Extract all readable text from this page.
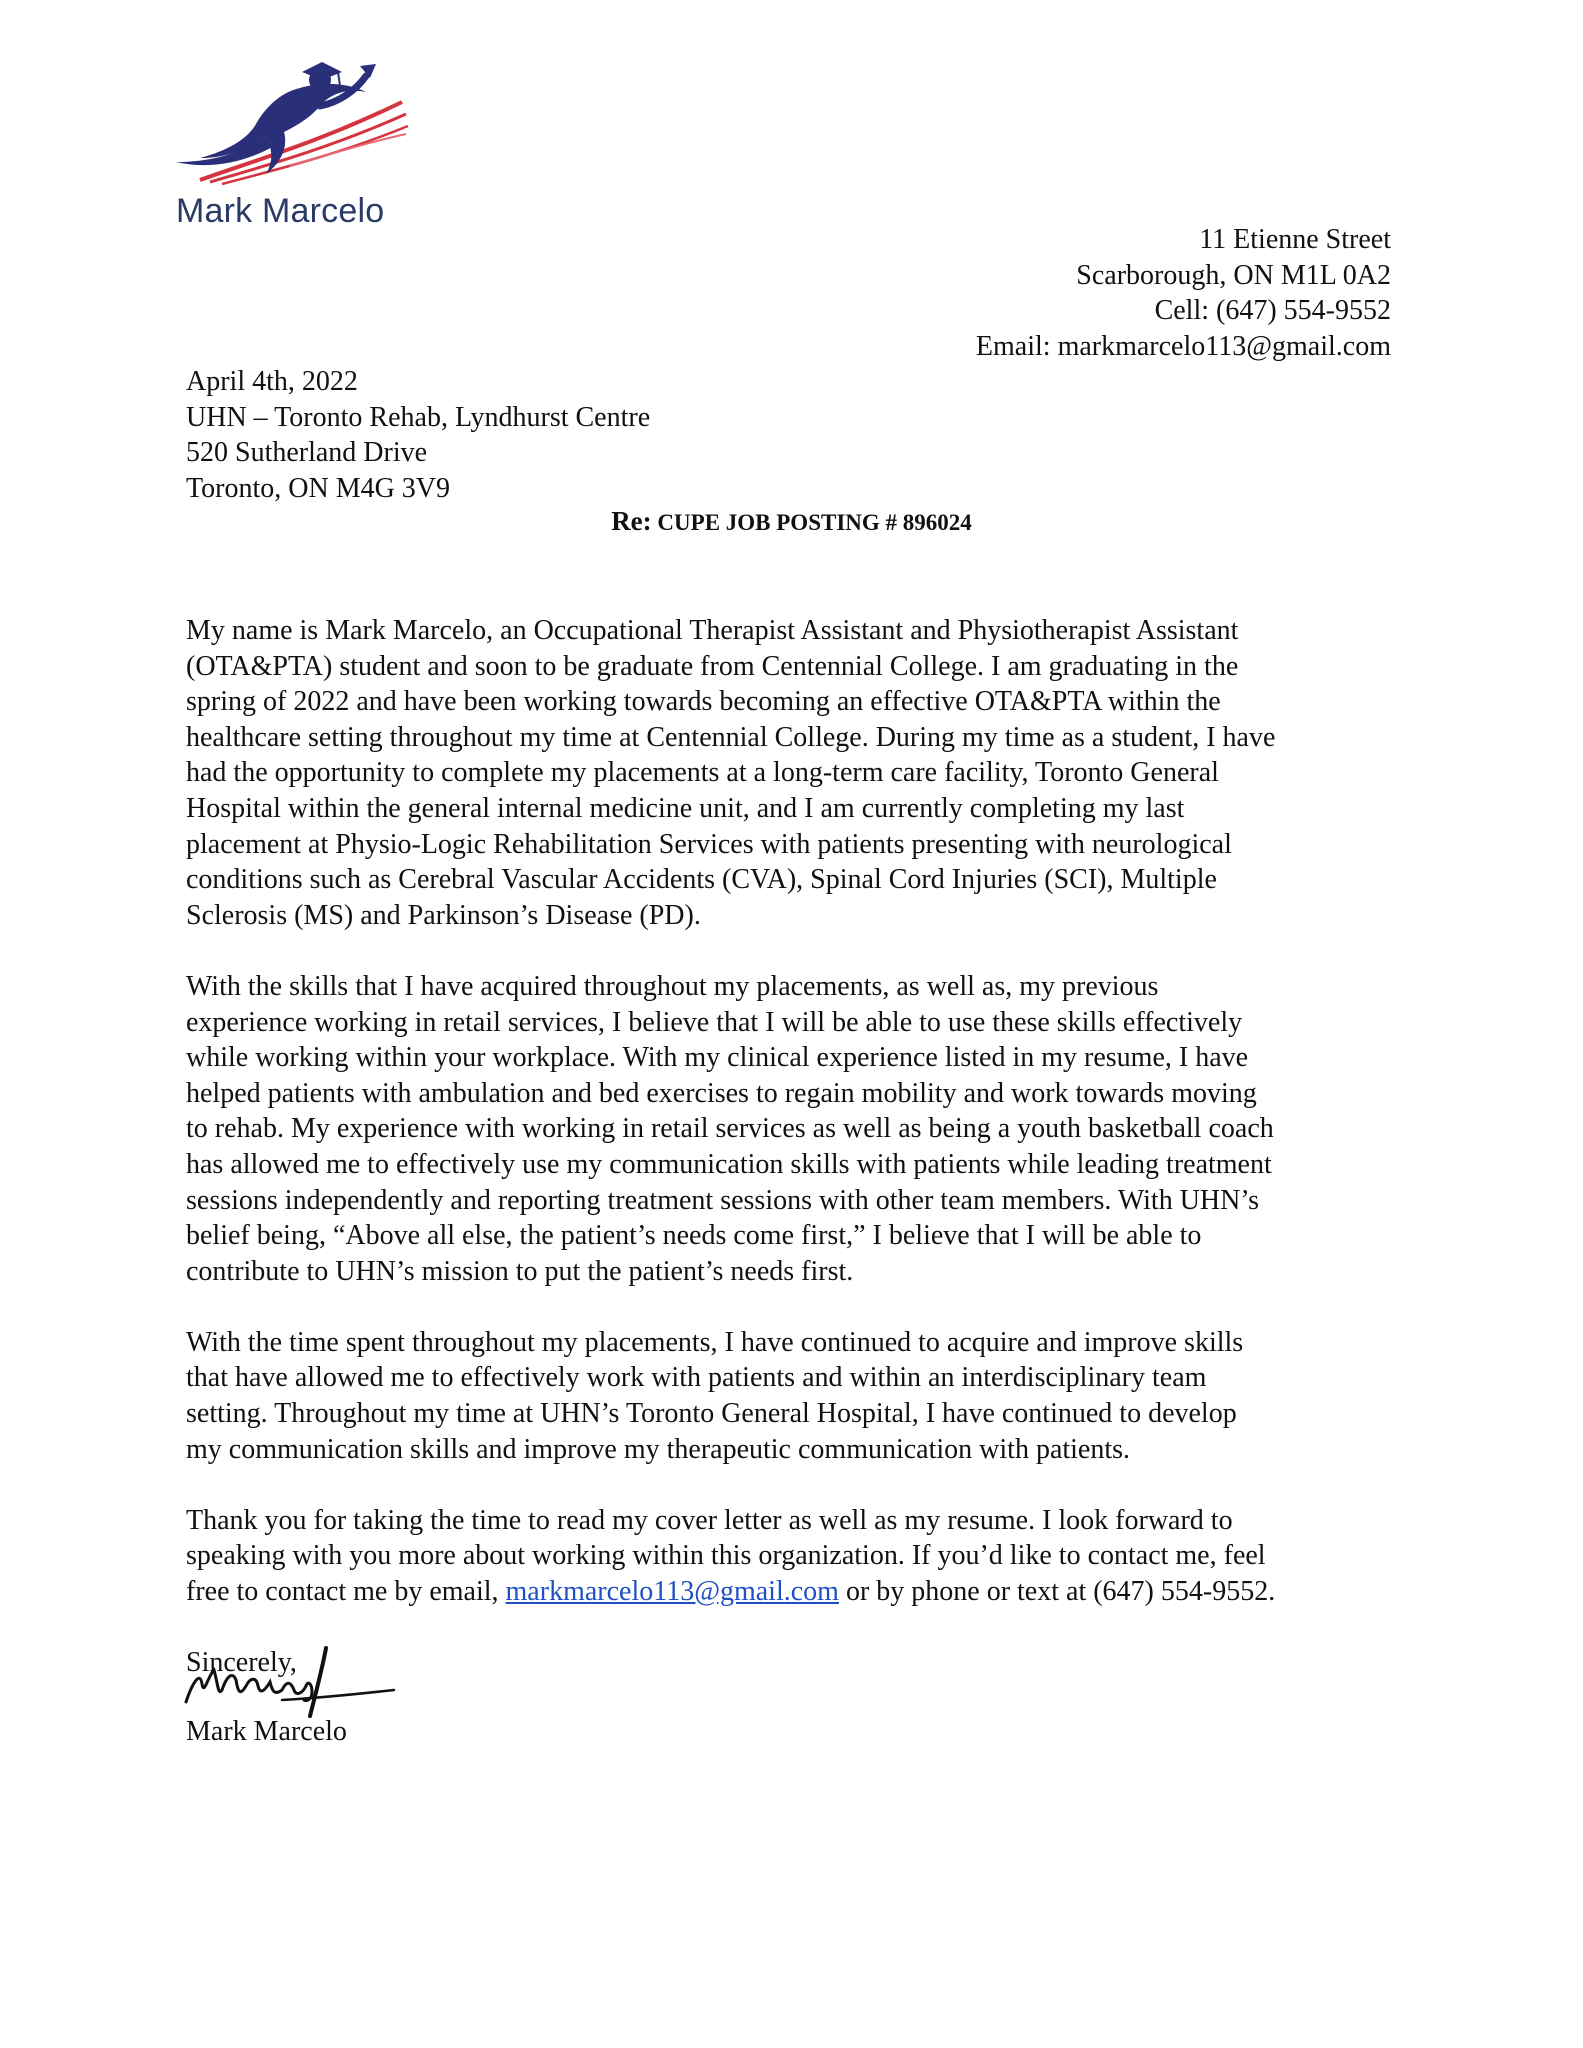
Mark Marcelo
11 Etienne Street
Scarborough, ON M1L 0A2
Cell: (647) 554-9552
Email: markmarcelo113@gmail.com
April 4th, 2022
UHN – Toronto Rehab, Lyndhurst Centre
520 Sutherland Drive
Toronto, ON M4G 3V9
Re: CUPE JOB POSTING # 896024

My name is Mark Marcelo, an Occupational Therapist Assistant and Physiotherapist Assistant
(OTA&PTA) student and soon to be graduate from Centennial College. I am graduating in the
spring of 2022 and have been working towards becoming an effective OTA&PTA within the
healthcare setting throughout my time at Centennial College. During my time as a student, I have
had the opportunity to complete my placements at a long-term care facility, Toronto General
Hospital within the general internal medicine unit, and I am currently completing my last
placement at Physio-Logic Rehabilitation Services with patients presenting with neurological
conditions such as Cerebral Vascular Accidents (CVA), Spinal Cord Injuries (SCI), Multiple
Sclerosis (MS) and Parkinson’s Disease (PD).

With the skills that I have acquired throughout my placements, as well as, my previous
experience working in retail services, I believe that I will be able to use these skills effectively
while working within your workplace. With my clinical experience listed in my resume, I have
helped patients with ambulation and bed exercises to regain mobility and work towards moving
to rehab. My experience with working in retail services as well as being a youth basketball coach
has allowed me to effectively use my communication skills with patients while leading treatment
sessions independently and reporting treatment sessions with other team members. With UHN’s
belief being, “Above all else, the patient’s needs come first,” I believe that I will be able to
contribute to UHN’s mission to put the patient’s needs first.

With the time spent throughout my placements, I have continued to acquire and improve skills
that have allowed me to effectively work with patients and within an interdisciplinary team
setting. Throughout my time at UHN’s Toronto General Hospital, I have continued to develop
my communication skills and improve my therapeutic communication with patients.

Thank you for taking the time to read my cover letter as well as my resume. I look forward to
speaking with you more about working within this organization. If you’d like to contact me, feel
free to contact me by email, markmarcelo113@gmail.com or by phone or text at (647) 554-9552.

Sincerely,
Mark Marcelo
